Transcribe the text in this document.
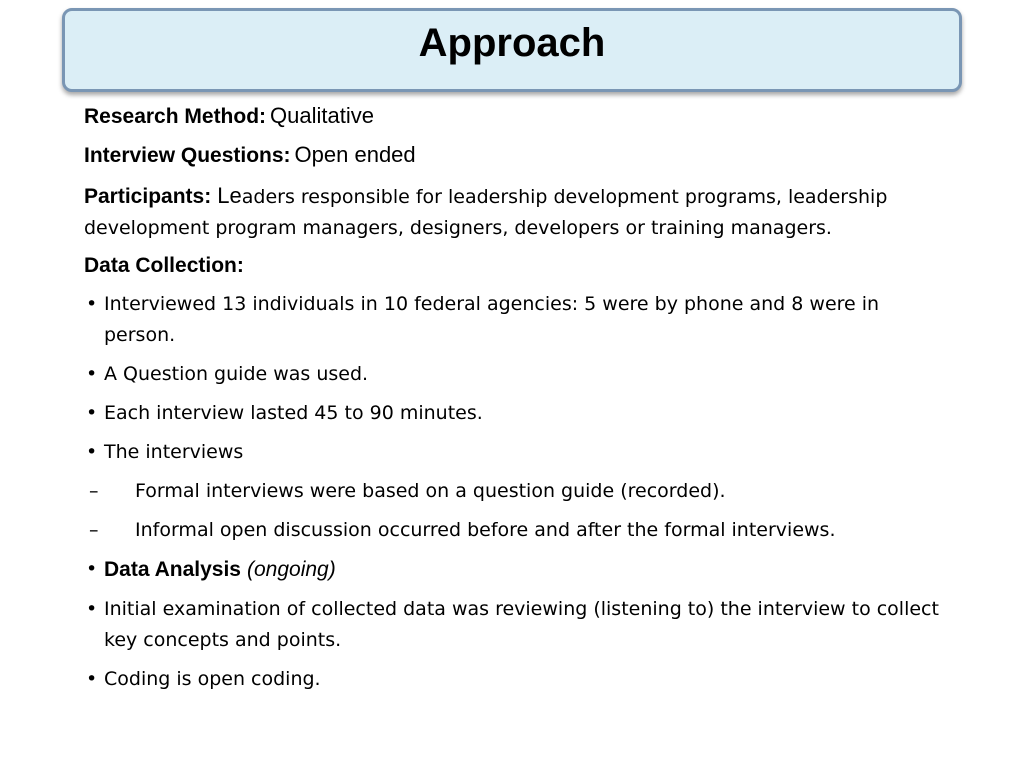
Approach

Research Method: Qualitative

Interview Questions: Open ended

Participants: Leaders responsible for leadership development programs, leadership development program managers, designers, developers or training managers.

Data Collection:

• Interviewed 13 individuals in 10 federal agencies: 5 were by phone and 8 were in person.
• A Question guide was used.
• Each interview lasted 45 to 90 minutes.
• The interviews
– Formal interviews were based on a question guide (recorded).
– Informal open discussion occurred before and after the formal interviews.
• Data Analysis (ongoing)
• Initial examination of collected data was reviewing (listening to) the interview to collect key concepts and points.
• Coding is open coding.
